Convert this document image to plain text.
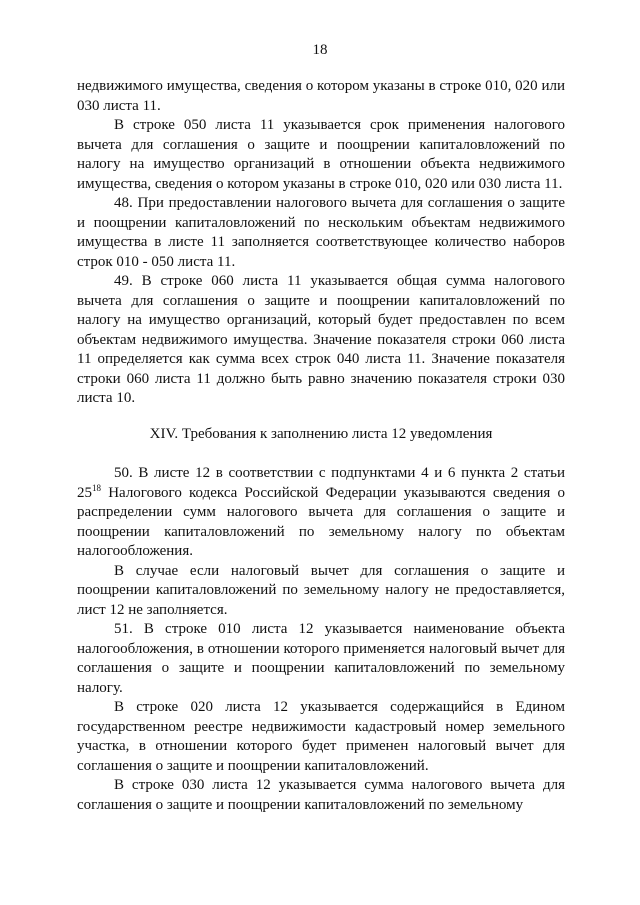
18

недвижимого имущества, сведения о котором указаны в строке 010, 020 или 030 листа 11.

В строке 050 листа 11 указывается срок применения налогового вычета для соглашения о защите и поощрении капиталовложений по налогу на имущество организаций в отношении объекта недвижимого имущества, сведения о котором указаны в строке 010, 020 или 030 листа 11.

48. При предоставлении налогового вычета для соглашения о защите и поощрении капиталовложений по нескольким объектам недвижимого имущества в листе 11 заполняется соответствующее количество наборов строк 010 - 050 листа 11.

49. В строке 060 листа 11 указывается общая сумма налогового вычета для соглашения о защите и поощрении капиталовложений по налогу на имущество организаций, который будет предоставлен по всем объектам недвижимого имущества. Значение показателя строки 060 листа 11 определяется как сумма всех строк 040 листа 11. Значение показателя строки 060 листа 11 должно быть равно значению показателя строки 030 листа 10.

XIV. Требования к заполнению листа 12 уведомления

50. В листе 12 в соответствии с подпунктами 4 и 6 пункта 2 статьи $25^{18}$ Налогового кодекса Российской Федерации указываются сведения о распределении сумм налогового вычета для соглашения о защите и поощрении капиталовложений по земельному налогу по объектам налогообложения.

В случае если налоговый вычет для соглашения о защите и поощрении капиталовложений по земельному налогу не предоставляется, лист 12 не заполняется.

51. В строке 010 листа 12 указывается наименование объекта налогообложения, в отношении которого применяется налоговый вычет для соглашения о защите и поощрении капиталовложений по земельному налогу.

В строке 020 листа 12 указывается содержащийся в Едином государственном реестре недвижимости кадастровый номер земельного участка, в отношении которого будет применен налоговый вычет для соглашения о защите и поощрении капиталовложений.

В строке 030 листа 12 указывается сумма налогового вычета для соглашения о защите и поощрении капиталовложений по земельному
